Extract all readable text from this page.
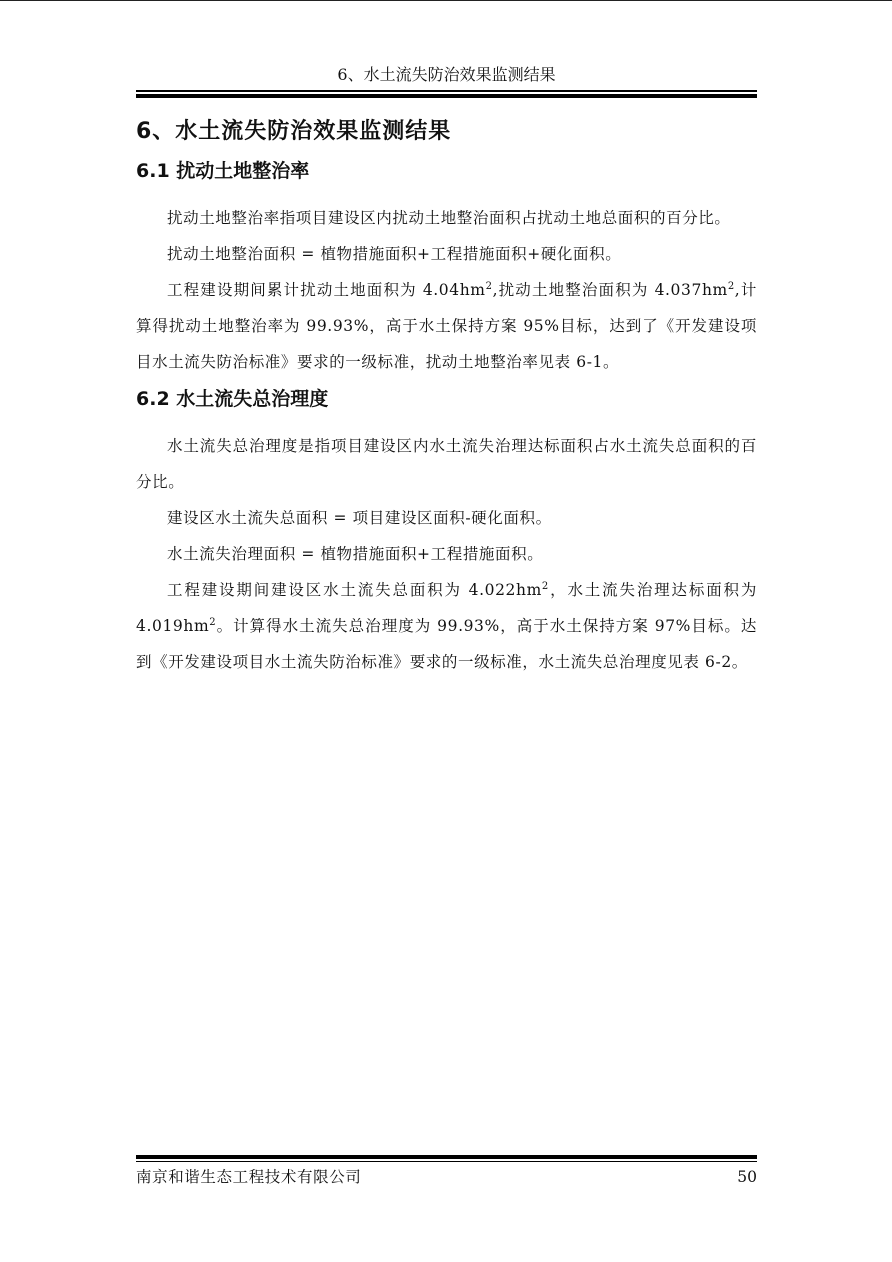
6、水土流失防治效果监测结果
6、水土流失防治效果监测结果
6.1 扰动土地整治率

扰动土地整治率指项目建设区内扰动土地整治面积占扰动土地总面积的百分比。

扰动土地整治面积 = 植物措施面积+工程措施面积+硬化面积。

工程建设期间累计扰动土地面积为 $4.04hm^2$,扰动土地整治面积为 $4.037hm^2$,计算得扰动土地整治率为 99.93%，高于水土保持方案 95%目标，达到了《开发建设项目水土流失防治标准》要求的一级标准，扰动土地整治率见表 6-1。

6.2 水土流失总治理度

水土流失总治理度是指项目建设区内水土流失治理达标面积占水土流失总面积的百分比。

建设区水土流失总面积 = 项目建设区面积-硬化面积。

水土流失治理面积 = 植物措施面积+工程措施面积。

工程建设期间建设区水土流失总面积为 $4.022hm^2$，水土流失治理达标面积为 $4.019hm^2$。计算得水土流失总治理度为 99.93%，高于水土保持方案 97%目标。达到《开发建设项目水土流失防治标准》要求的一级标准，水土流失总治理度见表 6-2。

南京和谐生态工程技术有限公司	50
